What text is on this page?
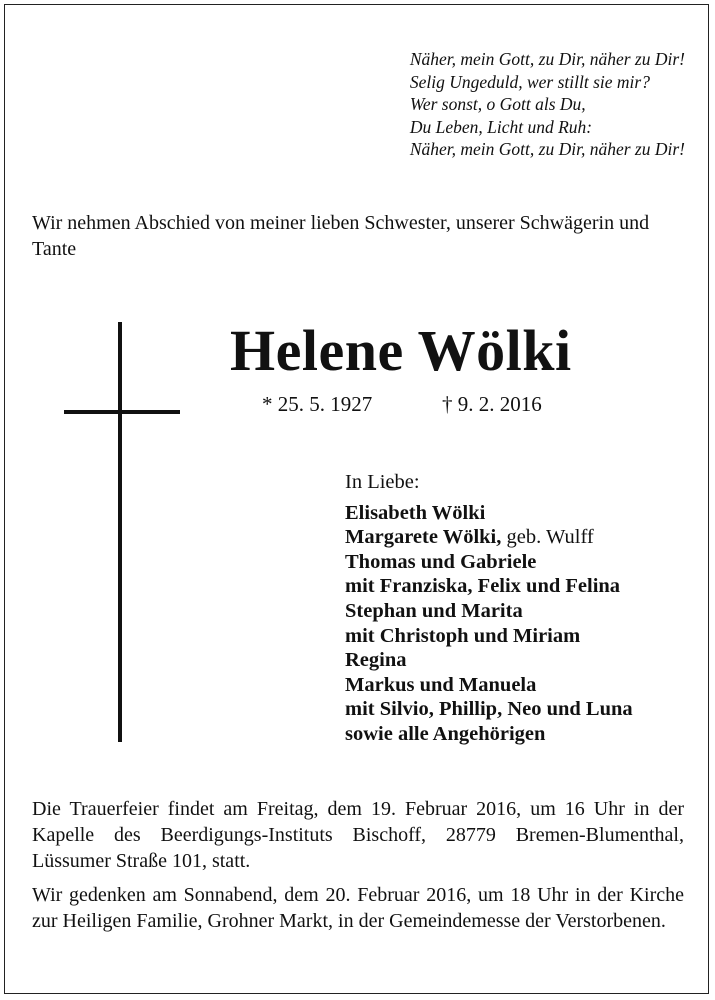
Näher, mein Gott, zu Dir, näher zu Dir!
Selig Ungeduld, wer stillt sie mir?
Wer sonst, o Gott als Du,
Du Leben, Licht und Ruh:
Näher, mein Gott, zu Dir, näher zu Dir!
Wir nehmen Abschied von meiner lieben Schwester, unserer Schwägerin und Tante
Helene Wölki
* 25. 5. 1927	† 9. 2. 2016
In Liebe:
Elisabeth Wölki
Margarete Wölki, geb. Wulff
Thomas und Gabriele
mit Franziska, Felix und Felina
Stephan und Marita
mit Christoph und Miriam
Regina
Markus und Manuela
mit Silvio, Phillip, Neo und Luna
sowie alle Angehörigen
Die Trauerfeier findet am Freitag, dem 19. Februar 2016, um 16 Uhr in der Kapelle des Beerdigungs-Instituts Bischoff, 28779 Bremen-Blumenthal, Lüssumer Straße 101, statt.
Wir gedenken am Sonnabend, dem 20. Februar 2016, um 18 Uhr in der Kirche zur Heiligen Familie, Grohner Markt, in der Gemeindemesse der Verstorbenen.
